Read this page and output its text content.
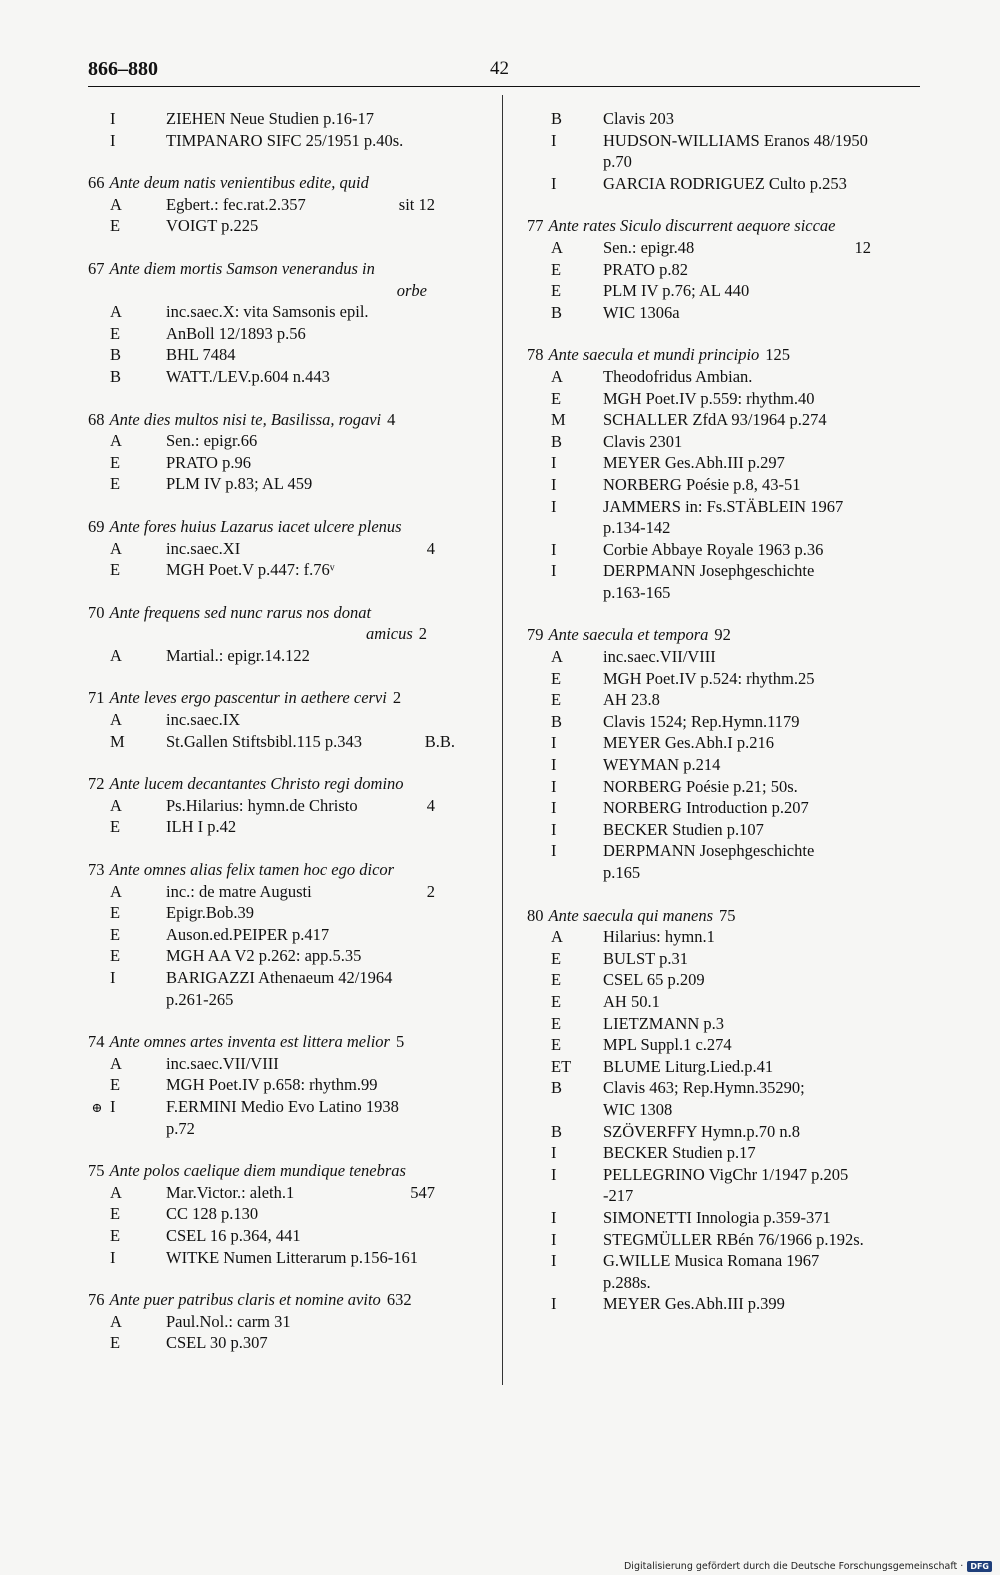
866–880	42
I	ZIEHEN Neue Studien p.16-17
I	TIMPANARO SIFC 25/1951 p.40s.
66 Ante deum natis venientibus edite, quid
A	Egbert.: fec.rat.2.357	sit 12
E	VOIGT p.225
67 Ante diem mortis Samson venerandus in
orbe
A	inc.saec.X: vita Samsonis epil.
E	AnBoll 12/1893 p.56
B	BHL 7484
B	WATT./LEV.p.604 n.443
68 Ante dies multos nisi te, Basilissa, rogavi 4
A	Sen.: epigr.66
E	PRATO p.96
E	PLM IV p.83; AL 459
69 Ante fores huius Lazarus iacet ulcere plenus
A	inc.saec.XI	4
E	MGH Poet.V p.447: f.76ᵛ
70 Ante frequens sed nunc rarus nos donat
amicus 2
A	Martial.: epigr.14.122
71 Ante leves ergo pascentur in aethere cervi 2
A	inc.saec.IX
M	St.Gallen Stiftsbibl.115 p.343	B.B.
72 Ante lucem decantantes Christo regi domino
A	Ps.Hilarius: hymn.de Christo	4
E	ILH I p.42
73 Ante omnes alias felix tamen hoc ego dicor
A	inc.: de matre Augusti	2
E	Epigr.Bob.39
E	Auson.ed.PEIPER p.417
E	MGH AA V2 p.262: app.5.35
I	BARIGAZZI Athenaeum 42/1964
p.261-265
74 Ante omnes artes inventa est littera melior 5
A	inc.saec.VII/VIII
E	MGH Poet.IV p.658: rhythm.99
⊕ I	F.ERMINI Medio Evo Latino 1938
p.72
75 Ante polos caelique diem mundique tenebras
A	Mar.Victor.: aleth.1	547
E	CC 128 p.130
E	CSEL 16 p.364, 441
I	WITKE Numen Litterarum p.156-161
76 Ante puer patribus claris et nomine avito 632
A	Paul.Nol.: carm 31
E	CSEL 30 p.307
B Clavis 203
I	HUDSON-WILLIAMS Eranos 48/1950
p.70
I	GARCIA RODRIGUEZ Culto p.253
77 Ante rates Siculo discurrent aequore siccae
A Sen.: epigr.48	12
E	PRATO p.82
E	PLM IV p.76; AL 440
B WIC 1306a
78 Ante saecula et mundi principio 125
A Theodofridus Ambian.
E	MGH Poet.IV p.559: rhythm.40
M SCHALLER ZfdA 93/1964 p.274
B Clavis 2301
I	MEYER Ges.Abh.III p.297
I	NORBERG Poésie p.8, 43-51
I	JAMMERS in: Fs.STÄBLEIN 1967
p.134-142
I	Corbie Abbaye Royale 1963 p.36
I	DERPMANN Josephgeschichte
p.163-165
79 Ante saecula et tempora 92
A inc.saec.VII/VIII
E	MGH Poet.IV p.524: rhythm.25
E	AH 23.8
B Clavis 1524; Rep.Hymn.1179
I	MEYER Ges.Abh.I p.216
I	WEYMAN p.214
I	NORBERG Poésie p.21; 50s.
I	NORBERG Introduction p.207
I	BECKER Studien p.107
I	DERPMANN Josephgeschichte
p.165
80 Ante saecula qui manens 75
A Hilarius: hymn.1
E	BULST p.31
E	CSEL 65 p.209
E	AH 50.1
E	LIETZMANN p.3
E	MPL Suppl.1 c.274
ET BLUME Liturg.Lied.p.41
B Clavis 463; Rep.Hymn.35290;
WIC 1308
B SZÖVERFFY Hymn.p.70 n.8
I	BECKER Studien p.17
I	PELLEGRINO VigChr 1/1947 p.205
-217
I	SIMONETTI Innologia p.359-371
I	STEGMÜLLER RBén 76/1966 p.192s.
I	G.WILLE Musica Romana 1967
p.288s.
I	MEYER Ges.Abh.III p.399
Digitalisierung gefördert durch die Deutsche Forschungsgemeinschaft · DFG
